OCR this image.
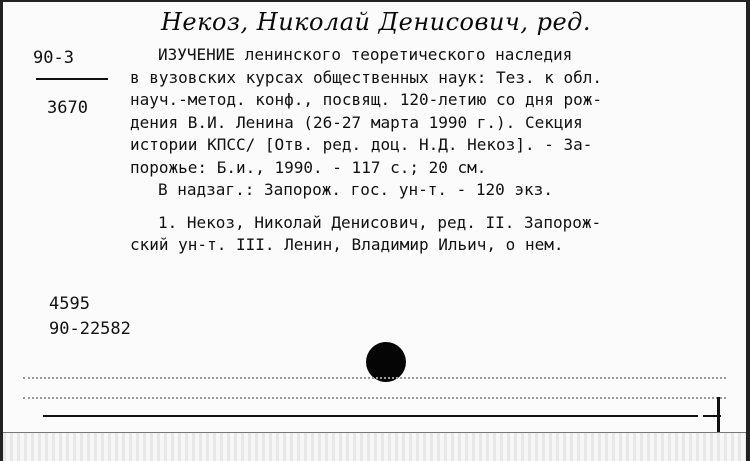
Некоз, Николай Денисович, ред.
90-3
3670

ИЗУЧЕНИЕ ленинского теоретического наследия

в вузовских курсах общественных наук: Тез. к обл.

науч.-метод. конф., посвящ. 120-летию со дня рож-

дения В.И. Ленина (26-27 марта 1990 г.). Секция

истории КПСС/ [Отв. ред. доц. Н.Д. Некоз]. - За-

порожье: Б.и., 1990. - 117 с.; 20 см.

В надзаг.: Запорож. гос. ун-т. - 120 экз.

1. Некоз, Николай Денисович, ред. II. Запорож-

ский ун-т. III. Ленин, Владимир Ильич, о нем.

4595
90-22582
